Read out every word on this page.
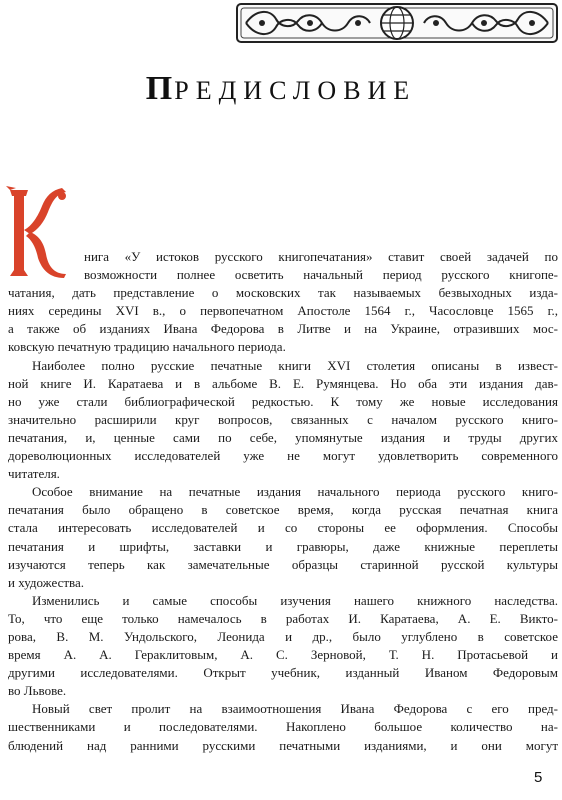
ПРЕДИСЛОВИЕ
нига «У истоков русского книгопечатания» ставит своей задачей по
возможности полнее осветить начальный период русского книгопе-
чатания, дать представление о московских так называемых безвыходных изда-
ниях середины XVI в., о первопечатном Апостоле 1564 г., Часословце 1565 г.,
а также об изданиях Ивана Федорова в Литве и на Украине, отразивших мос-
ковскую печатную традицию начального периода.
Наиболее полно русские печатные книги XVI столетия описаны в извест-
ной книге И. Каратаева и в альбоме В. Е. Румянцева. Но оба эти издания дав-
но уже стали библиографической редкостью. К тому же новые исследования
значительно расширили круг вопросов, связанных с началом русского книго-
печатания, и, ценные сами по себе, упомянутые издания и труды других
дореволюционных исследователей уже не могут удовлетворить современного
читателя.
Особое внимание на печатные издания начального периода русского книго-
печатания было обращено в советское время, когда русская печатная книга
стала интересовать исследователей и со стороны ее оформления. Способы
печатания и шрифты, заставки и гравюры, даже книжные переплеты
изучаются теперь как замечательные образцы старинной русской культуры
и художества.
Изменились и самые способы изучения нашего книжного наследства.
То, что еще только намечалось в работах И. Каратаева, А. Е. Викто-
рова, В. М. Ундольского, Леонида и др., было углублено в советское
время А. А. Гераклитовым, А. С. Зерновой, Т. Н. Протасьевой и
другими исследователями. Открыт учебник, изданный Иваном Федоровым
во Львове.
Новый свет пролит на взаимоотношения Ивана Федорова с его пред-
шественниками и последователями. Накоплено большое количество на-
блюдений над ранними русскими печатными изданиями, и они могут
5
